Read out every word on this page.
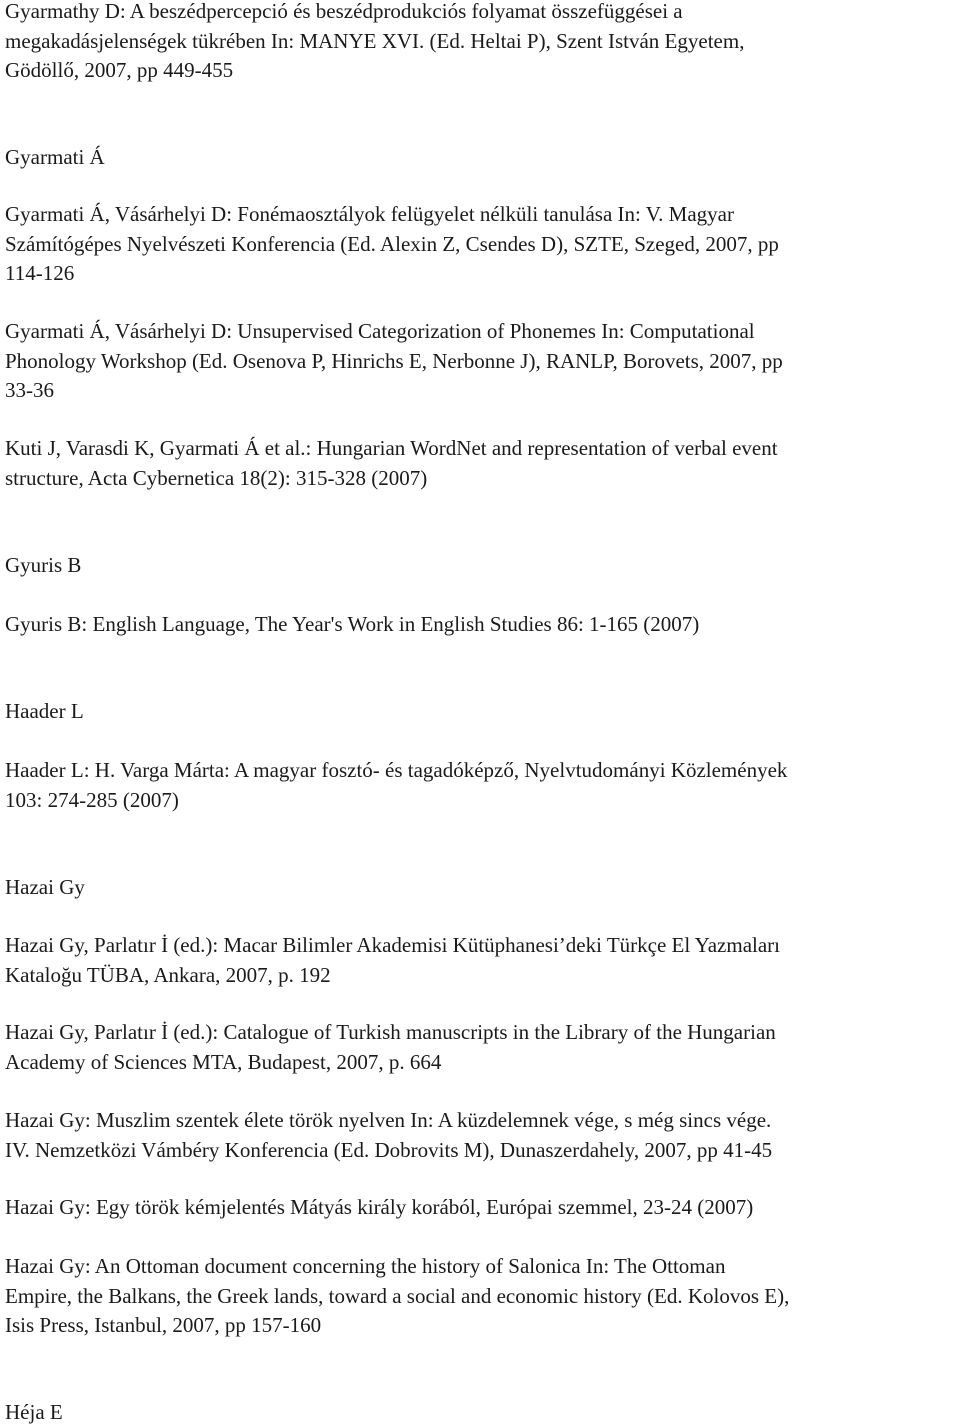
Gyarmathy D: A beszédpercepció és beszédprodukciós folyamat összefüggései a
megakadásjelenségek tükrében In: MANYE XVI. (Ed. Heltai P), Szent István Egyetem,
Gödöllő, 2007, pp 449-455

Gyarmati Á

Gyarmati Á, Vásárhelyi D: Fonémaosztályok felügyelet nélküli tanulása In: V. Magyar
Számítógépes Nyelvészeti Konferencia (Ed. Alexin Z, Csendes D), SZTE, Szeged, 2007, pp
114-126

Gyarmati Á, Vásárhelyi D: Unsupervised Categorization of Phonemes In: Computational
Phonology Workshop (Ed. Osenova P, Hinrichs E, Nerbonne J), RANLP, Borovets, 2007, pp
33-36

Kuti J, Varasdi K, Gyarmati Á et al.: Hungarian WordNet and representation of verbal event
structure, Acta Cybernetica 18(2): 315-328 (2007)

Gyuris B

Gyuris B: English Language, The Year's Work in English Studies 86: 1-165 (2007)

Haader L

Haader L: H. Varga Márta: A magyar fosztó- és tagadóképző, Nyelvtudományi Közlemények
103: 274-285 (2007)

Hazai Gy

Hazai Gy, Parlatır İ (ed.): Macar Bilimler Akademisi Kütüphanesi’deki Türkçe El Yazmaları
Kataloğu TÜBA, Ankara, 2007, p. 192

Hazai Gy, Parlatır İ (ed.): Catalogue of Turkish manuscripts in the Library of the Hungarian
Academy of Sciences MTA, Budapest, 2007, p. 664

Hazai Gy: Muszlim szentek élete török nyelven In: A küzdelemnek vége, s még sincs vége.
IV. Nemzetközi Vámbéry Konferencia (Ed. Dobrovits M), Dunaszerdahely, 2007, pp 41-45

Hazai Gy: Egy török kémjelentés Mátyás király korából, Európai szemmel, 23-24 (2007)

Hazai Gy: An Ottoman document concerning the history of Salonica In: The Ottoman
Empire, the Balkans, the Greek lands, toward a social and economic history (Ed. Kolovos E),
Isis Press, Istanbul, 2007, pp 157-160

Héja E
